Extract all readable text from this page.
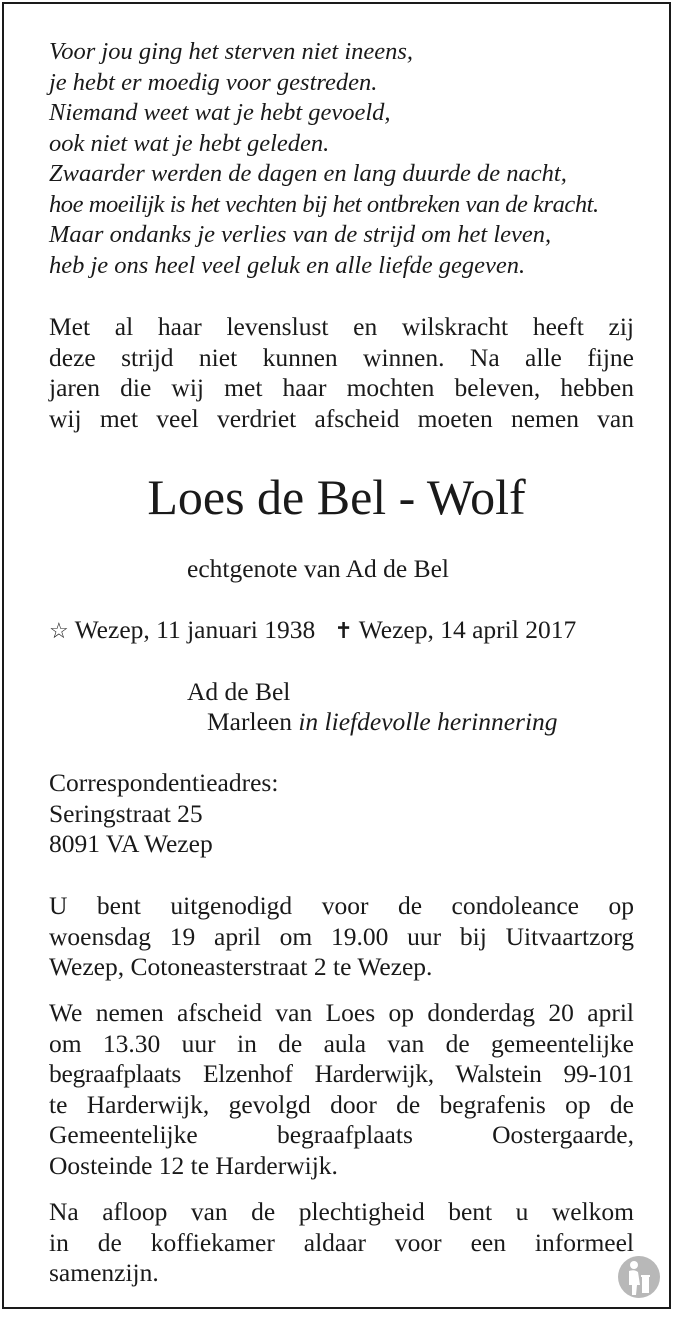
Voor jou ging het sterven niet ineens,
je hebt er moedig voor gestreden.
Niemand weet wat je hebt gevoeld,
ook niet wat je hebt geleden.
Zwaarder werden de dagen en lang duurde de nacht,
hoe moeilijk is het vechten bij het ontbreken van de kracht.
Maar ondanks je verlies van de strijd om het leven,
heb je ons heel veel geluk en alle liefde gegeven.
Met al haar levenslust en wilskracht heeft zij
deze strijd niet kunnen winnen. Na alle fijne
jaren die wij met haar mochten beleven, hebben
wij met veel verdriet afscheid moeten nemen van
Loes de Bel - Wolf
echtgenote van Ad de Bel
☆ Wezep, 11 januari 1938 ✝ Wezep, 14 april 2017
Ad de Bel
Marleen in liefdevolle herinnering
Correspondentieadres:
Seringstraat 25
8091 VA Wezep
U bent uitgenodigd voor de condoleance op
woensdag 19 april om 19.00 uur bij Uitvaartzorg
Wezep, Cotoneasterstraat 2 te Wezep.
We nemen afscheid van Loes op donderdag 20 april
om 13.30 uur in de aula van de gemeentelijke
begraafplaats Elzenhof Harderwijk, Walstein 99-101
te Harderwijk, gevolgd door de begrafenis op de
Gemeentelijke begraafplaats Oostergaarde,
Oosteinde 12 te Harderwijk.
Na afloop van de plechtigheid bent u welkom
in de koffiekamer aldaar voor een informeel
samenzijn.
